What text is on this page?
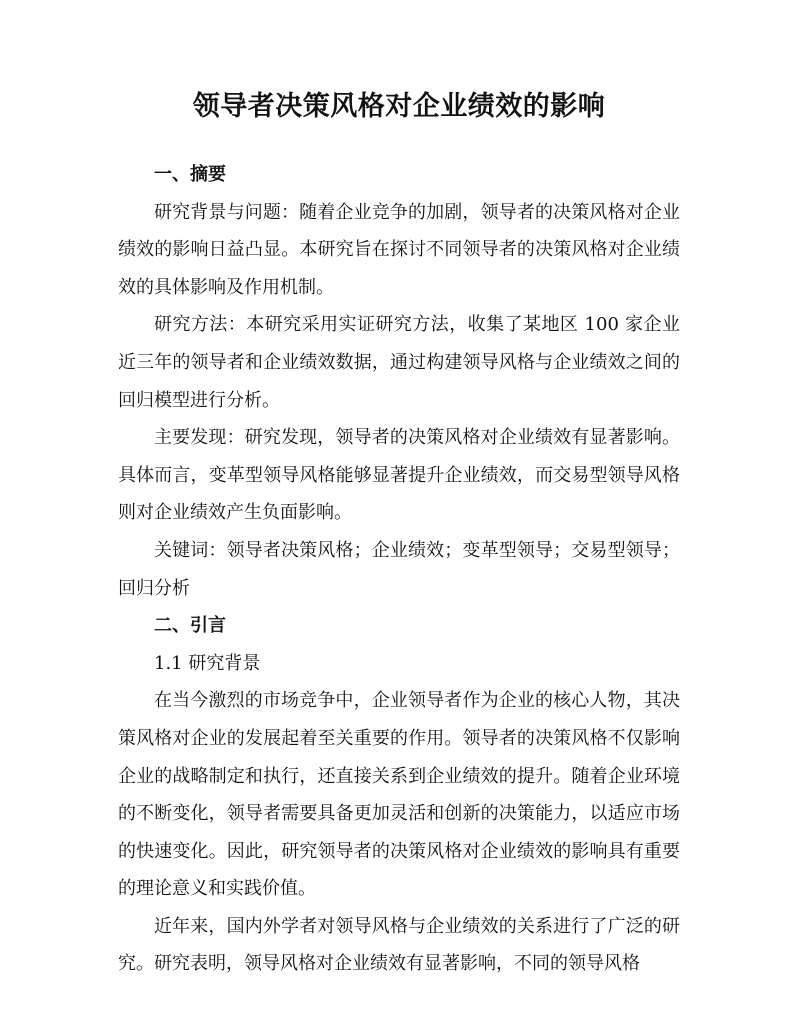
领导者决策风格对企业绩效的影响
一、摘要

研究背景与问题：随着企业竞争的加剧，领导者的决策风格对企业绩效的影响日益凸显。本研究旨在探讨不同领导者的决策风格对企业绩效的具体影响及作用机制。

研究方法：本研究采用实证研究方法，收集了某地区 100 家企业近三年的领导者和企业绩效数据，通过构建领导风格与企业绩效之间的回归模型进行分析。

主要发现：研究发现，领导者的决策风格对企业绩效有显著影响。具体而言，变革型领导风格能够显著提升企业绩效，而交易型领导风格则对企业绩效产生负面影响。

关键词：领导者决策风格；企业绩效；变革型领导；交易型领导；回归分析

二、引言
1.1 研究背景

在当今激烈的市场竞争中，企业领导者作为企业的核心人物，其决策风格对企业的发展起着至关重要的作用。领导者的决策风格不仅影响企业的战略制定和执行，还直接关系到企业绩效的提升。随着企业环境的不断变化，领导者需要具备更加灵活和创新的决策能力，以适应市场的快速变化。因此，研究领导者的决策风格对企业绩效的影响具有重要的理论意义和实践价值。

近年来，国内外学者对领导风格与企业绩效的关系进行了广泛的研究。研究表明，领导风格对企业绩效有显著影响，不同的领导风格
